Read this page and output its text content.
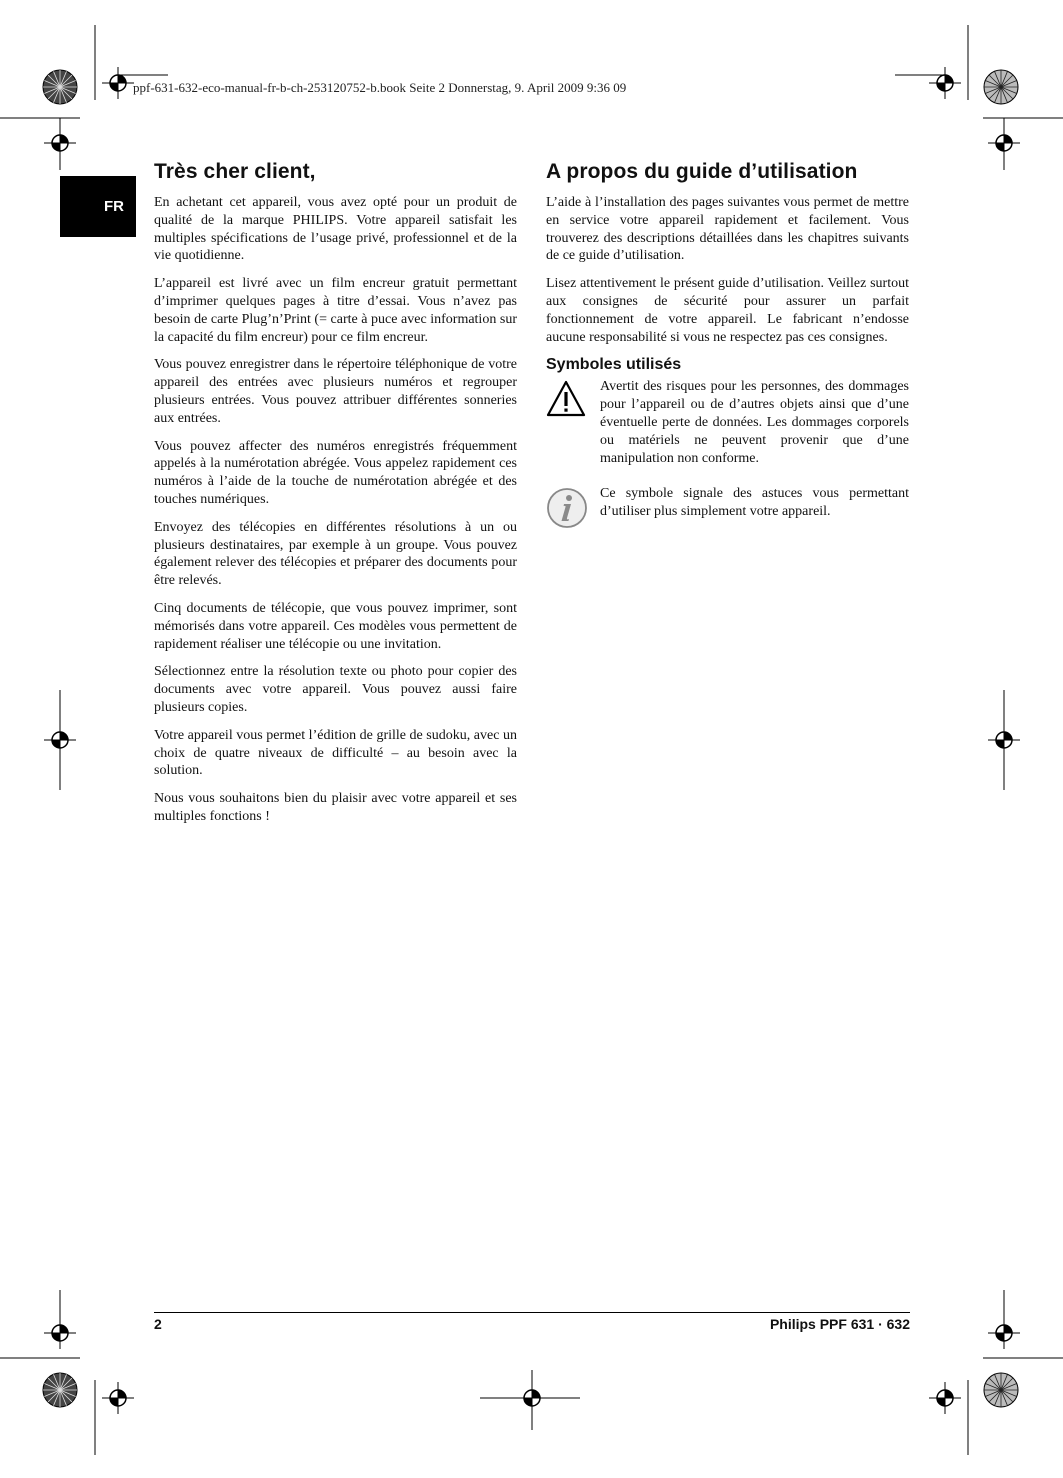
ppf-631-632-eco-manual-fr-b-ch-253120752-b.book Seite 2 Donnerstag, 9. April 2009 9:36 09
FR
Très cher client,

En achetant cet appareil, vous avez opté pour un produit de qualité de la marque PHILIPS. Votre appareil satisfait les multiples spécifications de l’usage privé, professionnel et de la vie quotidienne.

L’appareil est livré avec un film encreur gratuit permettant d’imprimer quelques pages à titre d’essai. Vous n’avez pas besoin de carte Plug’n’Print (= carte à puce avec information sur la capacité du film encreur) pour ce film encreur.

Vous pouvez enregistrer dans le répertoire téléphonique de votre appareil des entrées avec plusieurs numéros et regrouper plusieurs entrées. Vous pouvez attribuer différentes sonneries aux entrées.

Vous pouvez affecter des numéros enregistrés fréquemment appelés à la numérotation abrégée. Vous appelez rapidement ces numéros à l’aide de la touche de numérotation abrégée et des touches numériques.

Envoyez des télécopies en différentes résolutions à un ou plusieurs destinataires, par exemple à un groupe. Vous pouvez également relever des télécopies et préparer des documents pour être relevés.

Cinq documents de télécopie, que vous pouvez imprimer, sont mémorisés dans votre appareil. Ces modèles vous permettent de rapidement réaliser une télécopie ou une invitation.

Sélectionnez entre la résolution texte ou photo pour copier des documents avec votre appareil. Vous pouvez aussi faire plusieurs copies.

Votre appareil vous permet l’édition de grille de sudoku, avec un choix de quatre niveaux de difficulté – au besoin avec la solution.

Nous vous souhaitons bien du plaisir avec votre appareil et ses multiples fonctions !

A propos du guide d’utilisation

L’aide à l’installation des pages suivantes vous permet de mettre en service votre appareil rapidement et facilement. Vous trouverez des descriptions détaillées dans les chapitres suivants de ce guide d’utilisation.

Lisez attentivement le présent guide d’utilisation. Veillez surtout aux consignes de sécurité pour assurer un parfait fonctionnement de votre appareil. Le fabricant n’endosse aucune responsabilité si vous ne respectez pas ces consignes.

Symboles utilisés

Avertit des risques pour les personnes, des dommages pour l’appareil ou de d’autres objets ainsi que d’une éventuelle perte de données. Les dommages corporels ou matériels ne peuvent provenir que d’une manipulation non conforme.

Ce symbole signale des astuces vous permettant d’utiliser plus simplement votre appareil.

2	Philips PPF 631 · 632
